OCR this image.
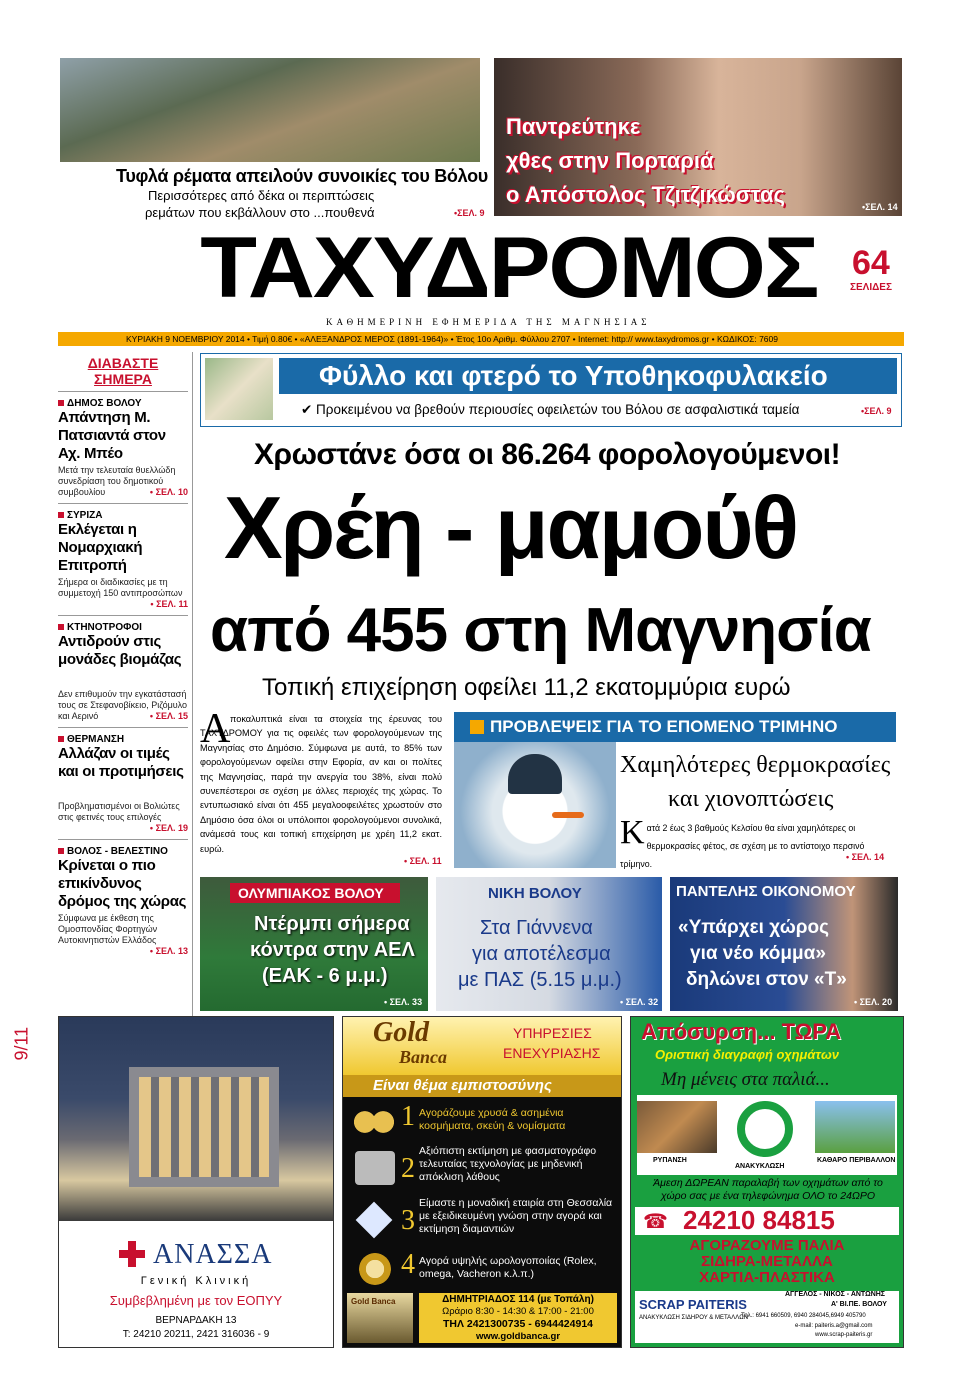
Τυφλά ρέματα απειλούν συνοικίες του Βόλου
Περισσότερες από δέκα οι περιπτώσεις
ρεμάτων που εκβάλλουν στο ...πουθενά	•ΣΕΛ. 9
Παντρεύτηκε
χθες στην Πορταριά
ο Απόστολος Τζιτζικώστας	•ΣΕΛ. 14
ΤΑΧΥΔΡΟΜΟΣ	64
ΣΕΛΙΔΕΣ
ΚΑΘΗΜΕΡΙΝΗ ΕΦΗΜΕΡΙΔΑ ΤΗΣ ΜΑΓΝΗΣΙΑΣ
ΚΥΡΙΑΚΗ 9 ΝΟΕΜΒΡΙΟΥ 2014 • Τιμή 0.80€ • «ΑΛΕΞΑΝΔΡΟΣ ΜΕΡΟΣ (1891-1964)» • Έτος 10ο Αριθμ. Φύλλου 2707 • Internet: http:// www.taxydromos.gr • ΚΩΔΙΚΟΣ: 7609
ΔΙΑΒΑΣΤΕ ΣΗΜΕΡΑ
ΔΗΜΟΣ ΒΟΛΟΥ
Απάντηση Μ. Πατσιαντά στον Αχ. Μπέο
Μετά την τελευταία θυελλώδη συνεδρίαση του δημοτικού συμβουλίου	• ΣΕΛ. 10
ΣΥΡΙΖΑ
Εκλέγεται η Νομαρχιακή Επιτροπή
Σήμερα οι διαδικασίες με τη συμμετοχή 150 αντιπροσώπων
• ΣΕΛ. 11
ΚΤΗΝΟΤΡΟΦΟΙ
Αντιδρούν στις μονάδες βιομάζας
Δεν επιθυμούν την εγκατάστασή τους σε Στεφανοβίκειο, Ριζόμυλο και Αερινό	• ΣΕΛ. 15
ΘΕΡΜΑΝΣΗ
Αλλάζαν οι τιμές και οι προτιμήσεις
Προβληματισμένοι οι Βολιώτες στις φετινές τους επιλογές
• ΣΕΛ. 19
ΒΟΛΟΣ - ΒΕΛΕΣΤΙΝΟ
Κρίνεται ο πιο επικίνδυνος δρόμος της χώρας
Σύμφωνα με έκθεση της Ομοσπονδίας Φορτηγών Αυτοκινητιστών Ελλάδος
• ΣΕΛ. 13
Φύλλο και φτερό το Υποθηκοφυλακείο
✔ Προκειμένου να βρεθούν περιουσίες οφειλετών του Βόλου σε ασφαλιστικά ταμεία	•ΣΕΛ. 9
Χρωστάνε όσα οι 86.264 φορολογούμενοι!
Χρέη - μαμούθ
από 455 στη Μαγνησία
Τοπική επιχείρηση οφείλει 11,2 εκατομμύρια ευρώ
Α ποκαλυπτικά είναι τα στοιχεία της έρευνας του ΤΑΧΥΔΡΟΜΟΥ για τις οφειλές των φορολογούμενων της Μαγνησίας στο Δημόσιο. Σύμφωνα με αυτά, το 85% των φορολογούμενων οφείλει στην Εφορία, αν και οι πολίτες της Μαγνησίας, παρά την ανεργία του 38%, είναι πολύ συνεπέστεροι σε σχέση με άλλες περιοχές της χώρας. Το εντυπωσιακό είναι ότι 455 μεγαλοοφειλέτες χρωστούν στο Δημόσιο όσα όλοι οι υπόλοιποι φορολογούμενοι συνολικά, ανάμεσά τους και τοπική επιχείρηση με χρέη 11,2 εκατ. ευρώ.
• ΣΕΛ. 11
ΠΡΟΒΛΕΨΕΙΣ ΓΙΑ ΤΟ ΕΠΟΜΕΝΟ ΤΡΙΜΗΝΟ
Χαμηλότερες θερμοκρασίες
και χιονοπτώσεις
Κ ατά 2 έως 3 βαθμούς Κελσίου θα είναι χαμηλότερες οι θερμοκρασίες φέτος, σε σχέση με το αντίστοιχο περσινό τρίμηνο.
• ΣΕΛ. 14
ΟΛΥΜΠΙΑΚΟΣ ΒΟΛΟΥ
Ντέρμπι σήμερα
κόντρα στην ΑΕΛ
(ΕΑΚ - 6 μ.μ.)
• ΣΕΛ. 33
ΝΙΚΗ ΒΟΛΟΥ
Στα Γιάννενα
για αποτέλεσμα
με ΠΑΣ (5.15 μ.μ.)
• ΣΕΛ. 32
ΠΑΝΤΕΛΗΣ ΟΙΚΟΝΟΜΟΥ
«Υπάρχει χώρος
για νέο κόμμα»
δηλώνει στον «Τ»
• ΣΕΛ. 20
9/11
ΑΝΑΣΣΑ
Γενική Κλινική
Συμβεβλημένη με τον ΕΟΠΥΥ
ΒΕΡΝΑΡΔΑΚΗ 13
Τ: 24210 20211, 2421 316036 - 9
Gold
Banca
ΥΠΗΡΕΣΙΕΣ
ΕΝΕΧΥΡΙΑΣΗΣ
Είναι θέμα εμπιστοσύνης
1 Αγοράζουμε χρυσά & ασημένια κοσμήματα, σκεύη & νομίσματα
2
Αξιόπιστη εκτίμηση με φασματογράφο τελευταίας τεχνολογίας με μηδενική απόκλιση λάθους
3
Είμαστε η μοναδική εταιρία στη Θεσσαλία με εξειδικευμένη γνώση στην αγορά και εκτίμηση διαμαντιών
4 Αγορά υψηλής ωρολογοποιίας (Rolex, omega, Vacheron κ.λ.π.)
Gold Banca	ΔΗΜΗΤΡΙΑΔΟΣ 114 (με Τοπάλη)
Ωράριο 8:30 - 14:30 & 17:00 - 21:00
ΤΗΛ 2421300735 - 6944424914
www.goldbanca.gr
Απόσυρση... ΤΩΡΑ
Οριστική διαγραφή οχημάτων
Μη μένεις στα παλιά...
ΡΥΠΑΝΣΗ
ΑΝΑΚΥΚΛΩΣΗ
ΚΑΘΑΡΟ ΠΕΡΙΒΑΛΛΟΝ
Άμεση ΔΩΡΕΑΝ παραλαβή των οχημάτων από το χώρο σας με ένα τηλεφώνημα ΟΛΟ το 24ΩΡΟ
☎ 24210 84815
ΑΓΟΡΑΖΟΥΜΕ ΠΑΛΙΑ
ΣΙΔΗΡΑ-ΜΕΤΑΛΛΑ
ΧΑΡΤΙΑ-ΠΛΑΣΤΙΚΑ
SCRAP PAITERIS
ΑΝΑΚΥΚΛΩΣΗ ΣΙΔΗΡΟΥ & ΜΕΤΑΛΛΩΝ
ΑΓΓΕΛΟΣ - ΝΙΚΟΣ - ΑΝΤΩΝΗΣ
Α' ΒΙ.ΠΕ. ΒΟΛΟΥ
Τηλ.: 6941 660509, 6940 284045,6949 405790
e-mail: paiteris.a@gmail.com
www.scrap-paiteris.gr
